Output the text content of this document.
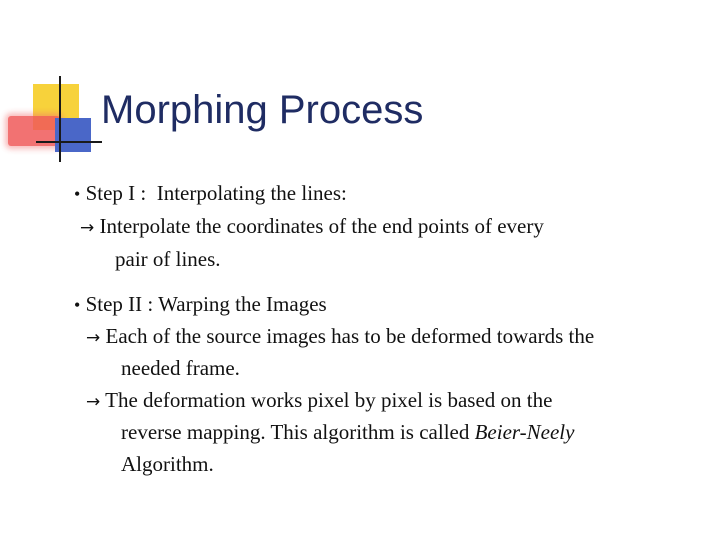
Morphing Process
• Step I :  Interpolating the lines:
→ Interpolate the coordinates of the end points of every
pair of lines.
• Step II : Warping the Images
→ Each of the source images has to be deformed towards the
needed frame.
→ The deformation works pixel by pixel is based on the
reverse mapping. This algorithm is called Beier-Neely
Algorithm.
